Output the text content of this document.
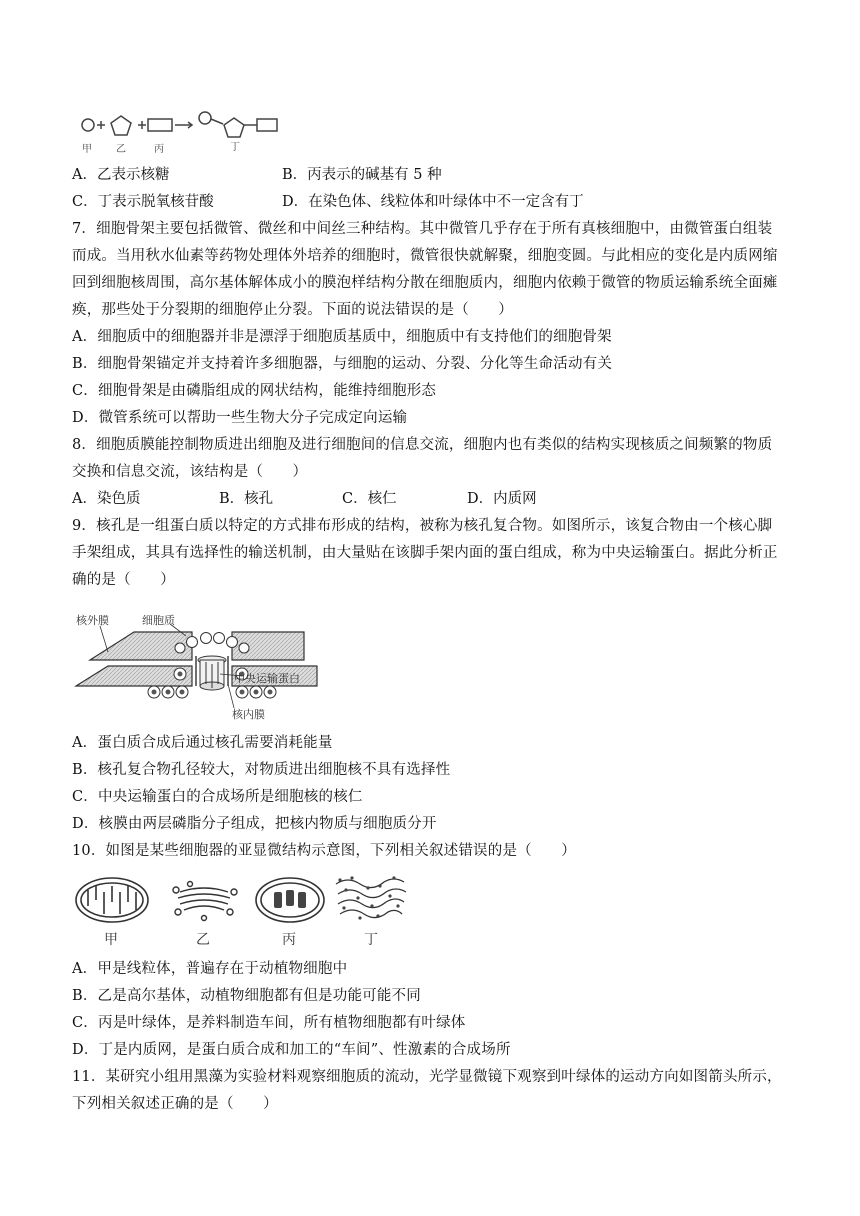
甲 乙	丙	丁
A．乙表示核糖	B．丙表示的碱基有 5 种
C．丁表示脱氧核苷酸	D．在染色体、线粒体和叶绿体中不一定含有丁
7．细胞骨架主要包括微管、微丝和中间丝三种结构。其中微管几乎存在于所有真核细胞中，由微管蛋白组装
而成。当用秋水仙素等药物处理体外培养的细胞时，微管很快就解聚，细胞变圆。与此相应的变化是内质网缩
回到细胞核周围，高尔基体解体成小的膜泡样结构分散在细胞质内，细胞内依赖于微管的物质运输系统全面瘫
痪，那些处于分裂期的细胞停止分裂。下面的说法错误的是（　　）
A．细胞质中的细胞器并非是漂浮于细胞质基质中，细胞质中有支持他们的细胞骨架
B．细胞骨架锚定并支持着许多细胞器，与细胞的运动、分裂、分化等生命活动有关
C．细胞骨架是由磷脂组成的网状结构，能维持细胞形态
D．微管系统可以帮助一些生物大分子完成定向运输
8．细胞质膜能控制物质进出细胞及进行细胞间的信息交流，细胞内也有类似的结构实现核质之间频繁的物质
交换和信息交流，该结构是（　　）
A．染色质	B．核孔	C．核仁	D．内质网
9．核孔是一组蛋白质以特定的方式排布形成的结构，被称为核孔复合物。如图所示，该复合物由一个核心脚
手架组成，其具有选择性的输送机制，由大量贴在该脚手架内面的蛋白组成，称为中央运输蛋白。据此分析正
确的是（　　）
核外膜	细胞质
中央运输蛋白
核内膜
A．蛋白质合成后通过核孔需要消耗能量
B．核孔复合物孔径较大，对物质进出细胞核不具有选择性
C．中央运输蛋白的合成场所是细胞核的核仁
D．核膜由两层磷脂分子组成，把核内物质与细胞质分开
10．如图是某些细胞器的亚显微结构示意图，下列相关叙述错误的是（　　）
甲	乙	丙	丁
A．甲是线粒体，普遍存在于动植物细胞中
B．乙是高尔基体，动植物细胞都有但是功能可能不同
C．丙是叶绿体，是养料制造车间，所有植物细胞都有叶绿体
D．丁是内质网，是蛋白质合成和加工的“车间”、性激素的合成场所
11．某研究小组用黑藻为实验材料观察细胞质的流动，光学显微镜下观察到叶绿体的运动方向如图箭头所示，
下列相关叙述正确的是（　　）
